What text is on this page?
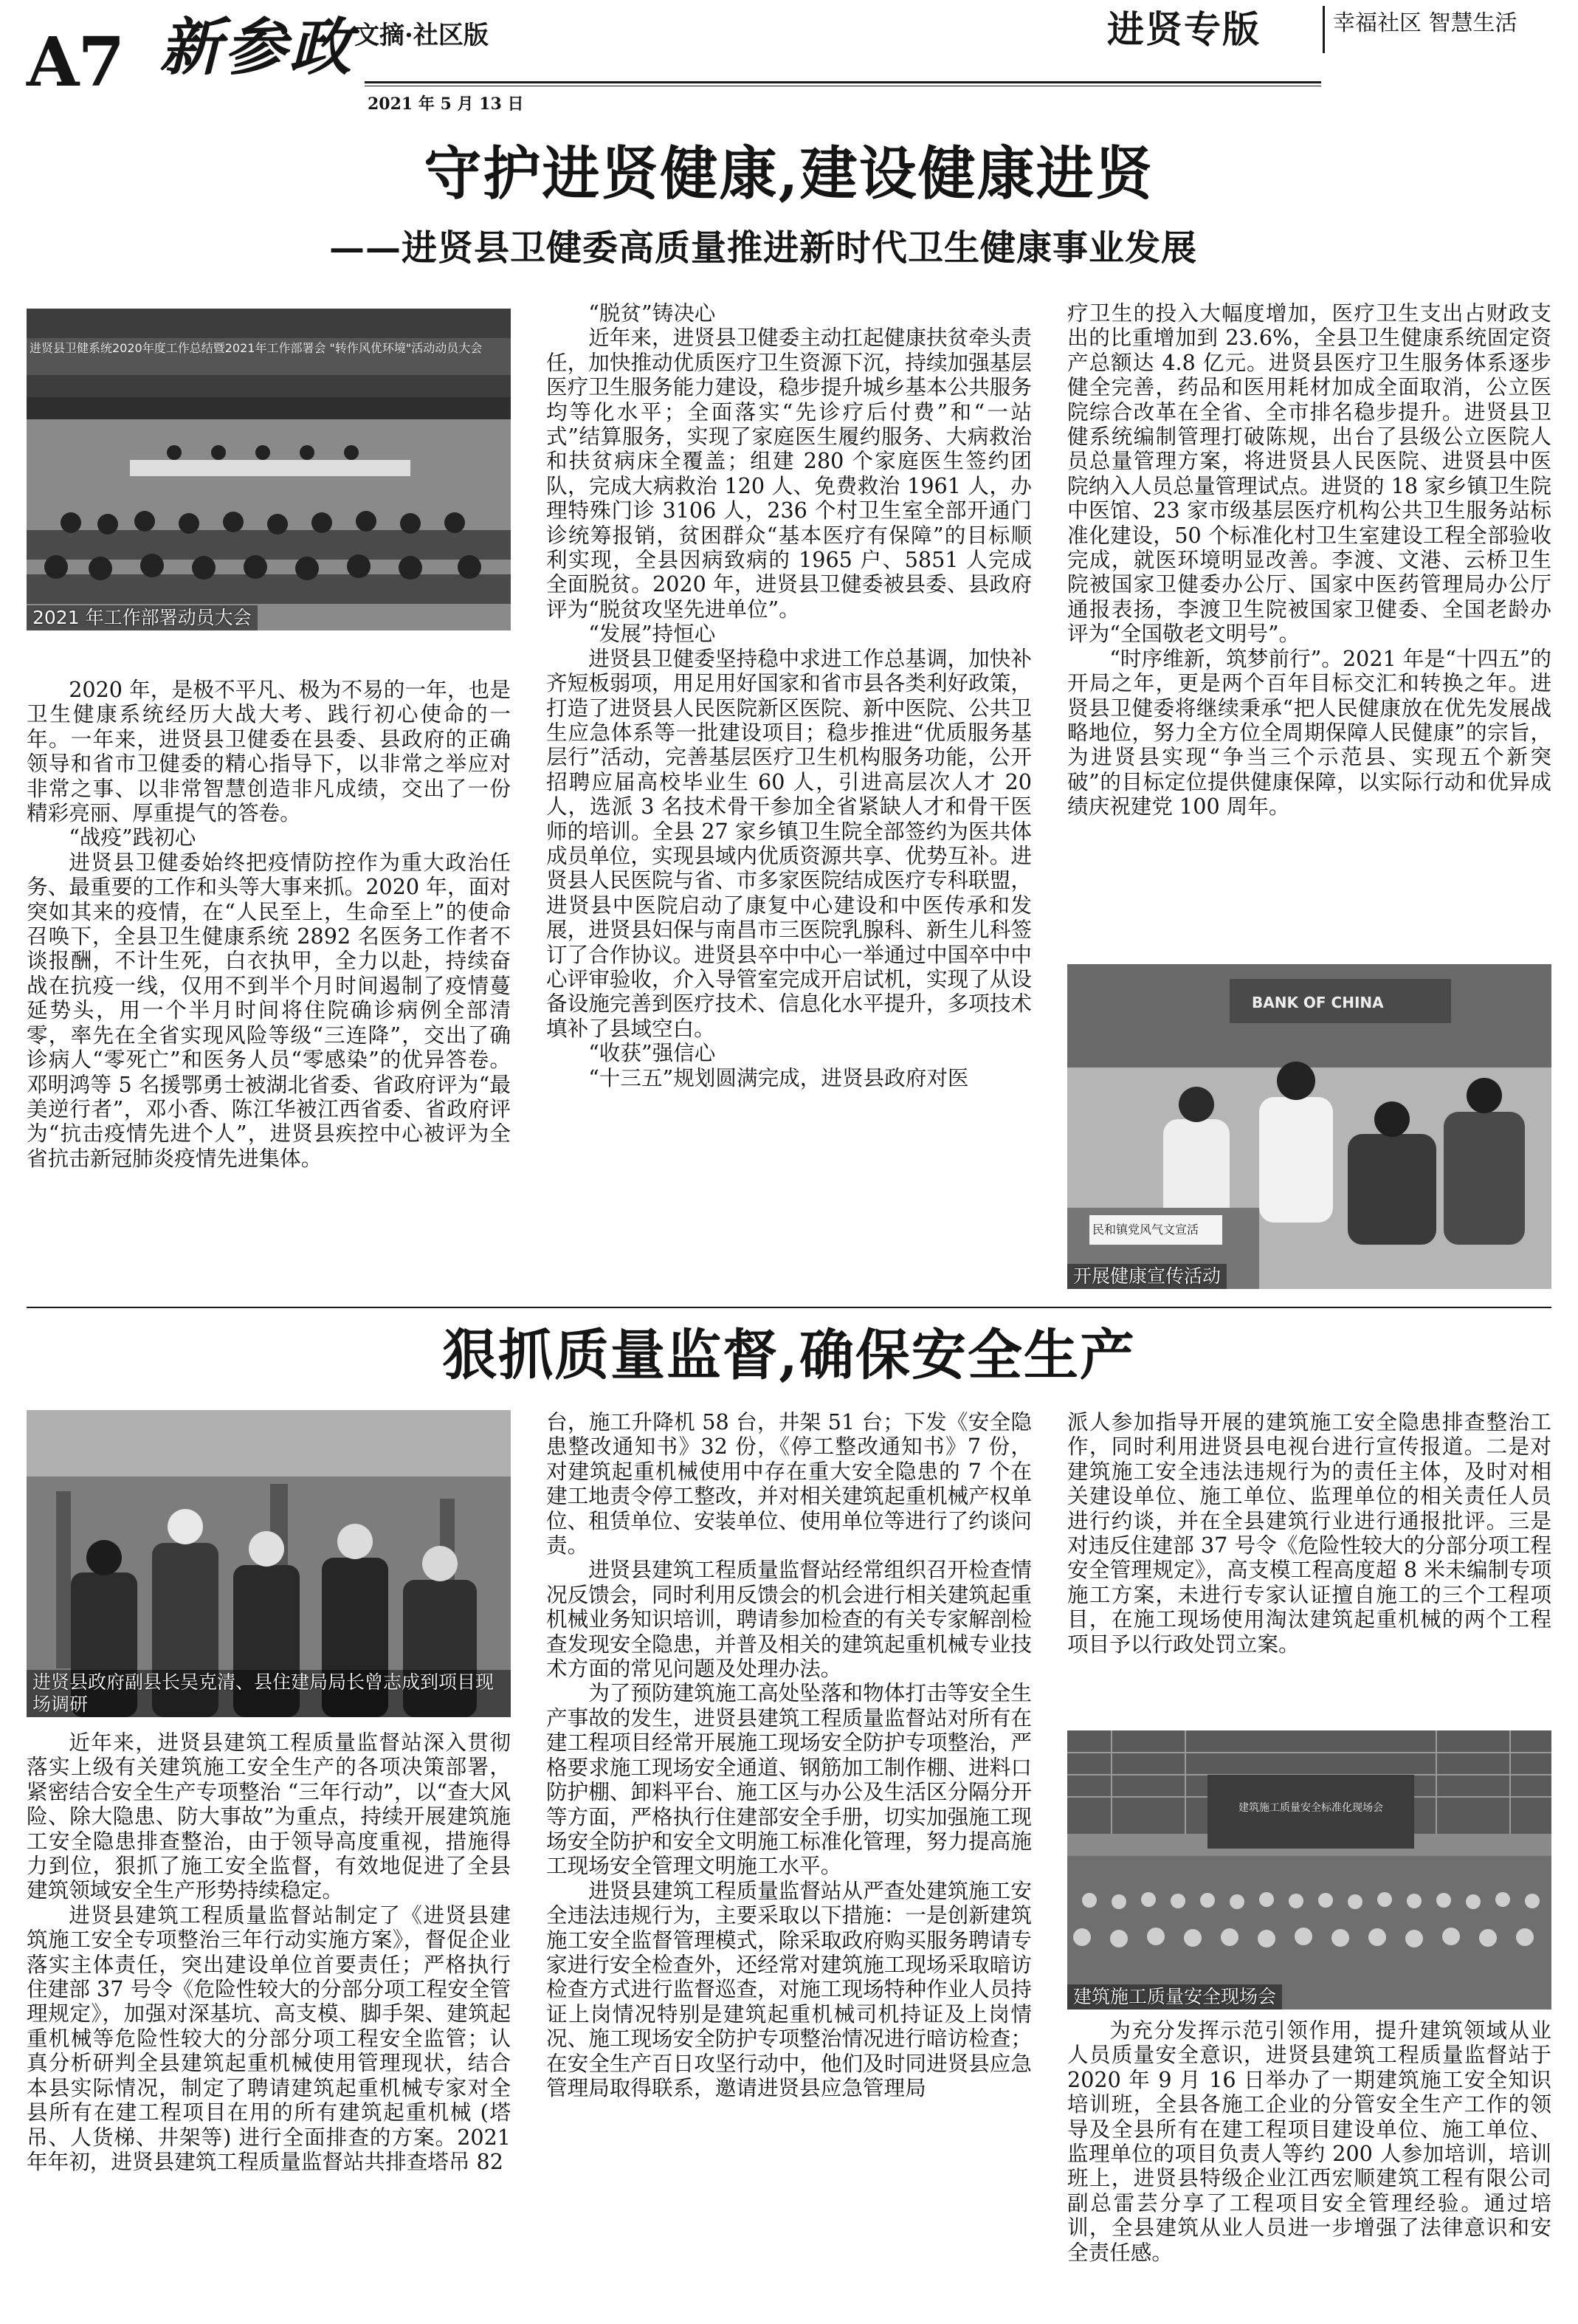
A7 新参政 文摘·社区版
2021 年 5 月 13 日
进贤专版	幸福社区 智慧生活
守护进贤健康,建设健康进贤
——进贤县卫健委高质量推进新时代卫生健康事业发展
进贤县卫健系统2020年度工作总结暨2021年工作部署会 "转作风优环境"活动动员大会
2021 年工作部署动员大会

2020 年，是极不平凡、极为不易的一年，也是卫生健康系统经历大战大考、践行初心使命的一年。一年来，进贤县卫健委在县委、县政府的正确领导和省市卫健委的精心指导下，以非常之举应对非常之事、以非常智慧创造非凡成绩，交出了一份精彩亮丽、厚重提气的答卷。

“战疫”践初心

进贤县卫健委始终把疫情防控作为重大政治任务、最重要的工作和头等大事来抓。2020 年，面对突如其来的疫情，在“人民至上，生命至上”的使命召唤下，全县卫生健康系统 2892 名医务工作者不谈报酬，不计生死，白衣执甲，全力以赴，持续奋战在抗疫一线，仅用不到半个月时间遏制了疫情蔓延势头，用一个半月时间将住院确诊病例全部清零，率先在全省实现风险等级“三连降”，交出了确诊病人“零死亡”和医务人员“零感染”的优异答卷。邓明鸿等 5 名援鄂勇士被湖北省委、省政府评为“最美逆行者”，邓小香、陈江华被江西省委、省政府评为“抗击疫情先进个人”，进贤县疾控中心被评为全省抗击新冠肺炎疫情先进集体。

“脱贫”铸决心

近年来，进贤县卫健委主动扛起健康扶贫牵头责任，加快推动优质医疗卫生资源下沉，持续加强基层医疗卫生服务能力建设，稳步提升城乡基本公共服务均等化水平；全面落实“先诊疗后付费”和“一站式”结算服务，实现了家庭医生履约服务、大病救治和扶贫病床全覆盖；组建 280 个家庭医生签约团队，完成大病救治 120 人、免费救治 1961 人，办理特殊门诊 3106 人，236 个村卫生室全部开通门诊统筹报销，贫困群众“基本医疗有保障”的目标顺利实现，全县因病致病的 1965 户、5851 人完成全面脱贫。2020 年，进贤县卫健委被县委、县政府评为“脱贫攻坚先进单位”。

“发展”持恒心

进贤县卫健委坚持稳中求进工作总基调，加快补齐短板弱项，用足用好国家和省市县各类利好政策，打造了进贤县人民医院新区医院、新中医院、公共卫生应急体系等一批建设项目；稳步推进“优质服务基层行”活动，完善基层医疗卫生机构服务功能，公开招聘应届高校毕业生 60 人，引进高层次人才 20 人，选派 3 名技术骨干参加全省紧缺人才和骨干医师的培训。全县 27 家乡镇卫生院全部签约为医共体成员单位，实现县域内优质资源共享、优势互补。进贤县人民医院与省、市多家医院结成医疗专科联盟，进贤县中医院启动了康复中心建设和中医传承和发展，进贤县妇保与南昌市三医院乳腺科、新生儿科签订了合作协议。进贤县卒中中心一举通过中国卒中中心评审验收，介入导管室完成开启试机，实现了从设备设施完善到医疗技术、信息化水平提升，多项技术填补了县域空白。

“收获”强信心

“十三五”规划圆满完成，进贤县政府对医

疗卫生的投入大幅度增加，医疗卫生支出占财政支出的比重增加到 23.6%，全县卫生健康系统固定资产总额达 4.8 亿元。进贤县医疗卫生服务体系逐步健全完善，药品和医用耗材加成全面取消，公立医院综合改革在全省、全市排名稳步提升。进贤县卫健系统编制管理打破陈规，出台了县级公立医院人员总量管理方案，将进贤县人民医院、进贤县中医院纳入人员总量管理试点。进贤的 18 家乡镇卫生院中医馆、23 家市级基层医疗机构公共卫生服务站标准化建设，50 个标准化村卫生室建设工程全部验收完成，就医环境明显改善。李渡、文港、云桥卫生院被国家卫健委办公厅、国家中医药管理局办公厅通报表扬，李渡卫生院被国家卫健委、全国老龄办评为“全国敬老文明号”。

“时序维新，筑梦前行”。2021 年是“十四五”的开局之年，更是两个百年目标交汇和转换之年。进贤县卫健委将继续秉承“把人民健康放在优先发展战略地位，努力全方位全周期保障人民健康”的宗旨，为进贤县实现“争当三个示范县、实现五个新突破”的目标定位提供健康保障，以实际行动和优异成绩庆祝建党 100 周年。

BANK OF CHINA
民和镇党风气文宣活
开展健康宣传活动
狠抓质量监督,确保安全生产
进贤县政府副县长吴克清、县住建局局长曾志成到项目现场调研

近年来，进贤县建筑工程质量监督站深入贯彻落实上级有关建筑施工安全生产的各项决策部署，紧密结合安全生产专项整治 “三年行动”，以“查大风险、除大隐患、防大事故”为重点，持续开展建筑施工安全隐患排查整治，由于领导高度重视，措施得力到位，狠抓了施工安全监督，有效地促进了全县建筑领域安全生产形势持续稳定。

进贤县建筑工程质量监督站制定了《进贤县建筑施工安全专项整治三年行动实施方案》，督促企业落实主体责任，突出建设单位首要责任；严格执行住建部 37 号令《危险性较大的分部分项工程安全管理规定》，加强对深基坑、高支模、脚手架、建筑起重机械等危险性较大的分部分项工程安全监管；认真分析研判全县建筑起重机械使用管理现状，结合本县实际情况，制定了聘请建筑起重机械专家对全县所有在建工程项目在用的所有建筑起重机械 (塔吊、人货梯、井架等) 进行全面排查的方案。2021 年年初，进贤县建筑工程质量监督站共排查塔吊 82

台，施工升降机 58 台，井架 51 台；下发《安全隐患整改通知书》32 份，《停工整改通知书》7 份，对建筑起重机械使用中存在重大安全隐患的 7 个在建工地责令停工整改，并对相关建筑起重机械产权单位、租赁单位、安装单位、使用单位等进行了约谈问责。

进贤县建筑工程质量监督站经常组织召开检查情况反馈会，同时利用反馈会的机会进行相关建筑起重机械业务知识培训，聘请参加检查的有关专家解剖检查发现安全隐患，并普及相关的建筑起重机械专业技术方面的常见问题及处理办法。

为了预防建筑施工高处坠落和物体打击等安全生产事故的发生，进贤县建筑工程质量监督站对所有在建工程项目经常开展施工现场安全防护专项整治，严格要求施工现场安全通道、钢筋加工制作棚、进料口防护棚、卸料平台、施工区与办公及生活区分隔分开等方面，严格执行住建部安全手册，切实加强施工现场安全防护和安全文明施工标准化管理，努力提高施工现场安全管理文明施工水平。

进贤县建筑工程质量监督站从严查处建筑施工安全违法违规行为，主要采取以下措施：一是创新建筑施工安全监督管理模式，除采取政府购买服务聘请专家进行安全检查外，还经常对建筑施工现场采取暗访检查方式进行监督巡查，对施工现场特种作业人员持证上岗情况特别是建筑起重机械司机持证及上岗情况、施工现场安全防护专项整治情况进行暗访检查；在安全生产百日攻坚行动中，他们及时同进贤县应急管理局取得联系，邀请进贤县应急管理局

派人参加指导开展的建筑施工安全隐患排查整治工作，同时利用进贤县电视台进行宣传报道。二是对建筑施工安全违法违规行为的责任主体，及时对相关建设单位、施工单位、监理单位的相关责任人员进行约谈，并在全县建筑行业进行通报批评。三是对违反住建部 37 号令《危险性较大的分部分项工程安全管理规定》，高支模工程高度超 8 米未编制专项施工方案，未进行专家认证擅自施工的三个工程项目，在施工现场使用淘汰建筑起重机械的两个工程项目予以行政处罚立案。

建筑施工质量安全标准化现场会
建筑施工质量安全现场会

为充分发挥示范引领作用，提升建筑领域从业人员质量安全意识，进贤县建筑工程质量监督站于 2020 年 9 月 16 日举办了一期建筑施工安全知识培训班，全县各施工企业的分管安全生产工作的领导及全县所有在建工程项目建设单位、施工单位、监理单位的项目负责人等约 200 人参加培训，培训班上，进贤县特级企业江西宏顺建筑工程有限公司副总雷芸分享了工程项目安全管理经验。通过培训，全县建筑从业人员进一步增强了法律意识和安全责任感。
